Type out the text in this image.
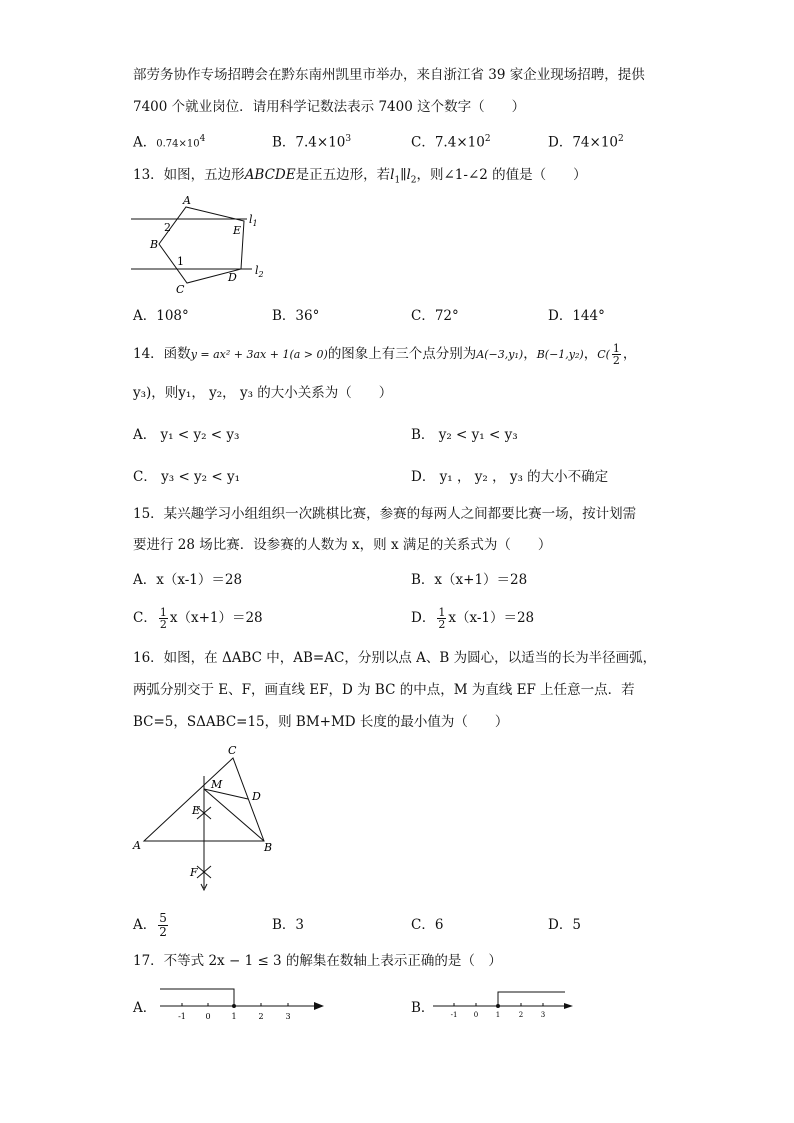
部劳务协作专场招聘会在黔东南州凯里市举办，来自浙江省 39 家企业现场招聘，提供
7400 个就业岗位．请用科学记数法表示 7400 这个数字（　　）
A．$0.74\times 10^4$	B．$7.4\times 10^3$	C．$7.4\times 10^2$	D．$74\times 10^2$
13．如图，五边形ABCDE是正五边形，若$l_1\parallel l_2$，则∠1-∠2 的值是（　　）
A
E
B
C
D
2
1
$l_1$
$l_2$
A．108°	B．36°	C．72°	D．144°
14．函数y = ax² + 3ax + 1(a > 0)的图象上有三个点分别为A(−3,y₁)，B(−1,y₂)，$C( \frac{1}{2}$ ，
y₃)，则y₁， y₂， y₃ 的大小关系为（　　）
A． y₁ < y₂ < y₃	B． y₂ < y₁ < y₃
C． y₃ < y₂ < y₁	D． y₁ ， y₂ ， y₃ 的大小不确定
15．某兴趣学习小组组织一次跳棋比赛，参赛的每两人之间都要比赛一场，按计划需
要进行 28 场比赛．设参赛的人数为 x，则 x 满足的关系式为（　　）
A．x（x-1）＝28	B．x（x+1）＝28
C． $\frac{1}{2} x(x+1)=28$	D． $\frac{1}{2} x(x-1)=28$
16．如图，在 ΔABC 中，AB=AC，分别以点 A、B 为圆心，以适当的长为半径画弧，
两弧分别交于 E、F，画直线 EF，D 为 BC 的中点，M 为直线 EF 上任意一点．若
BC=5，SΔABC=15，则 BM+MD 长度的最小值为（　　）
C
M
D
E
A	B
F
A． $\frac{5}{2}$	B．3	C．6	D．5
17．不等式 2x − 1 ≤ 3 的解集在数轴上表示正确的是（　）
A．
-1 0	1	2	3
B． -1 0	1	2	3
